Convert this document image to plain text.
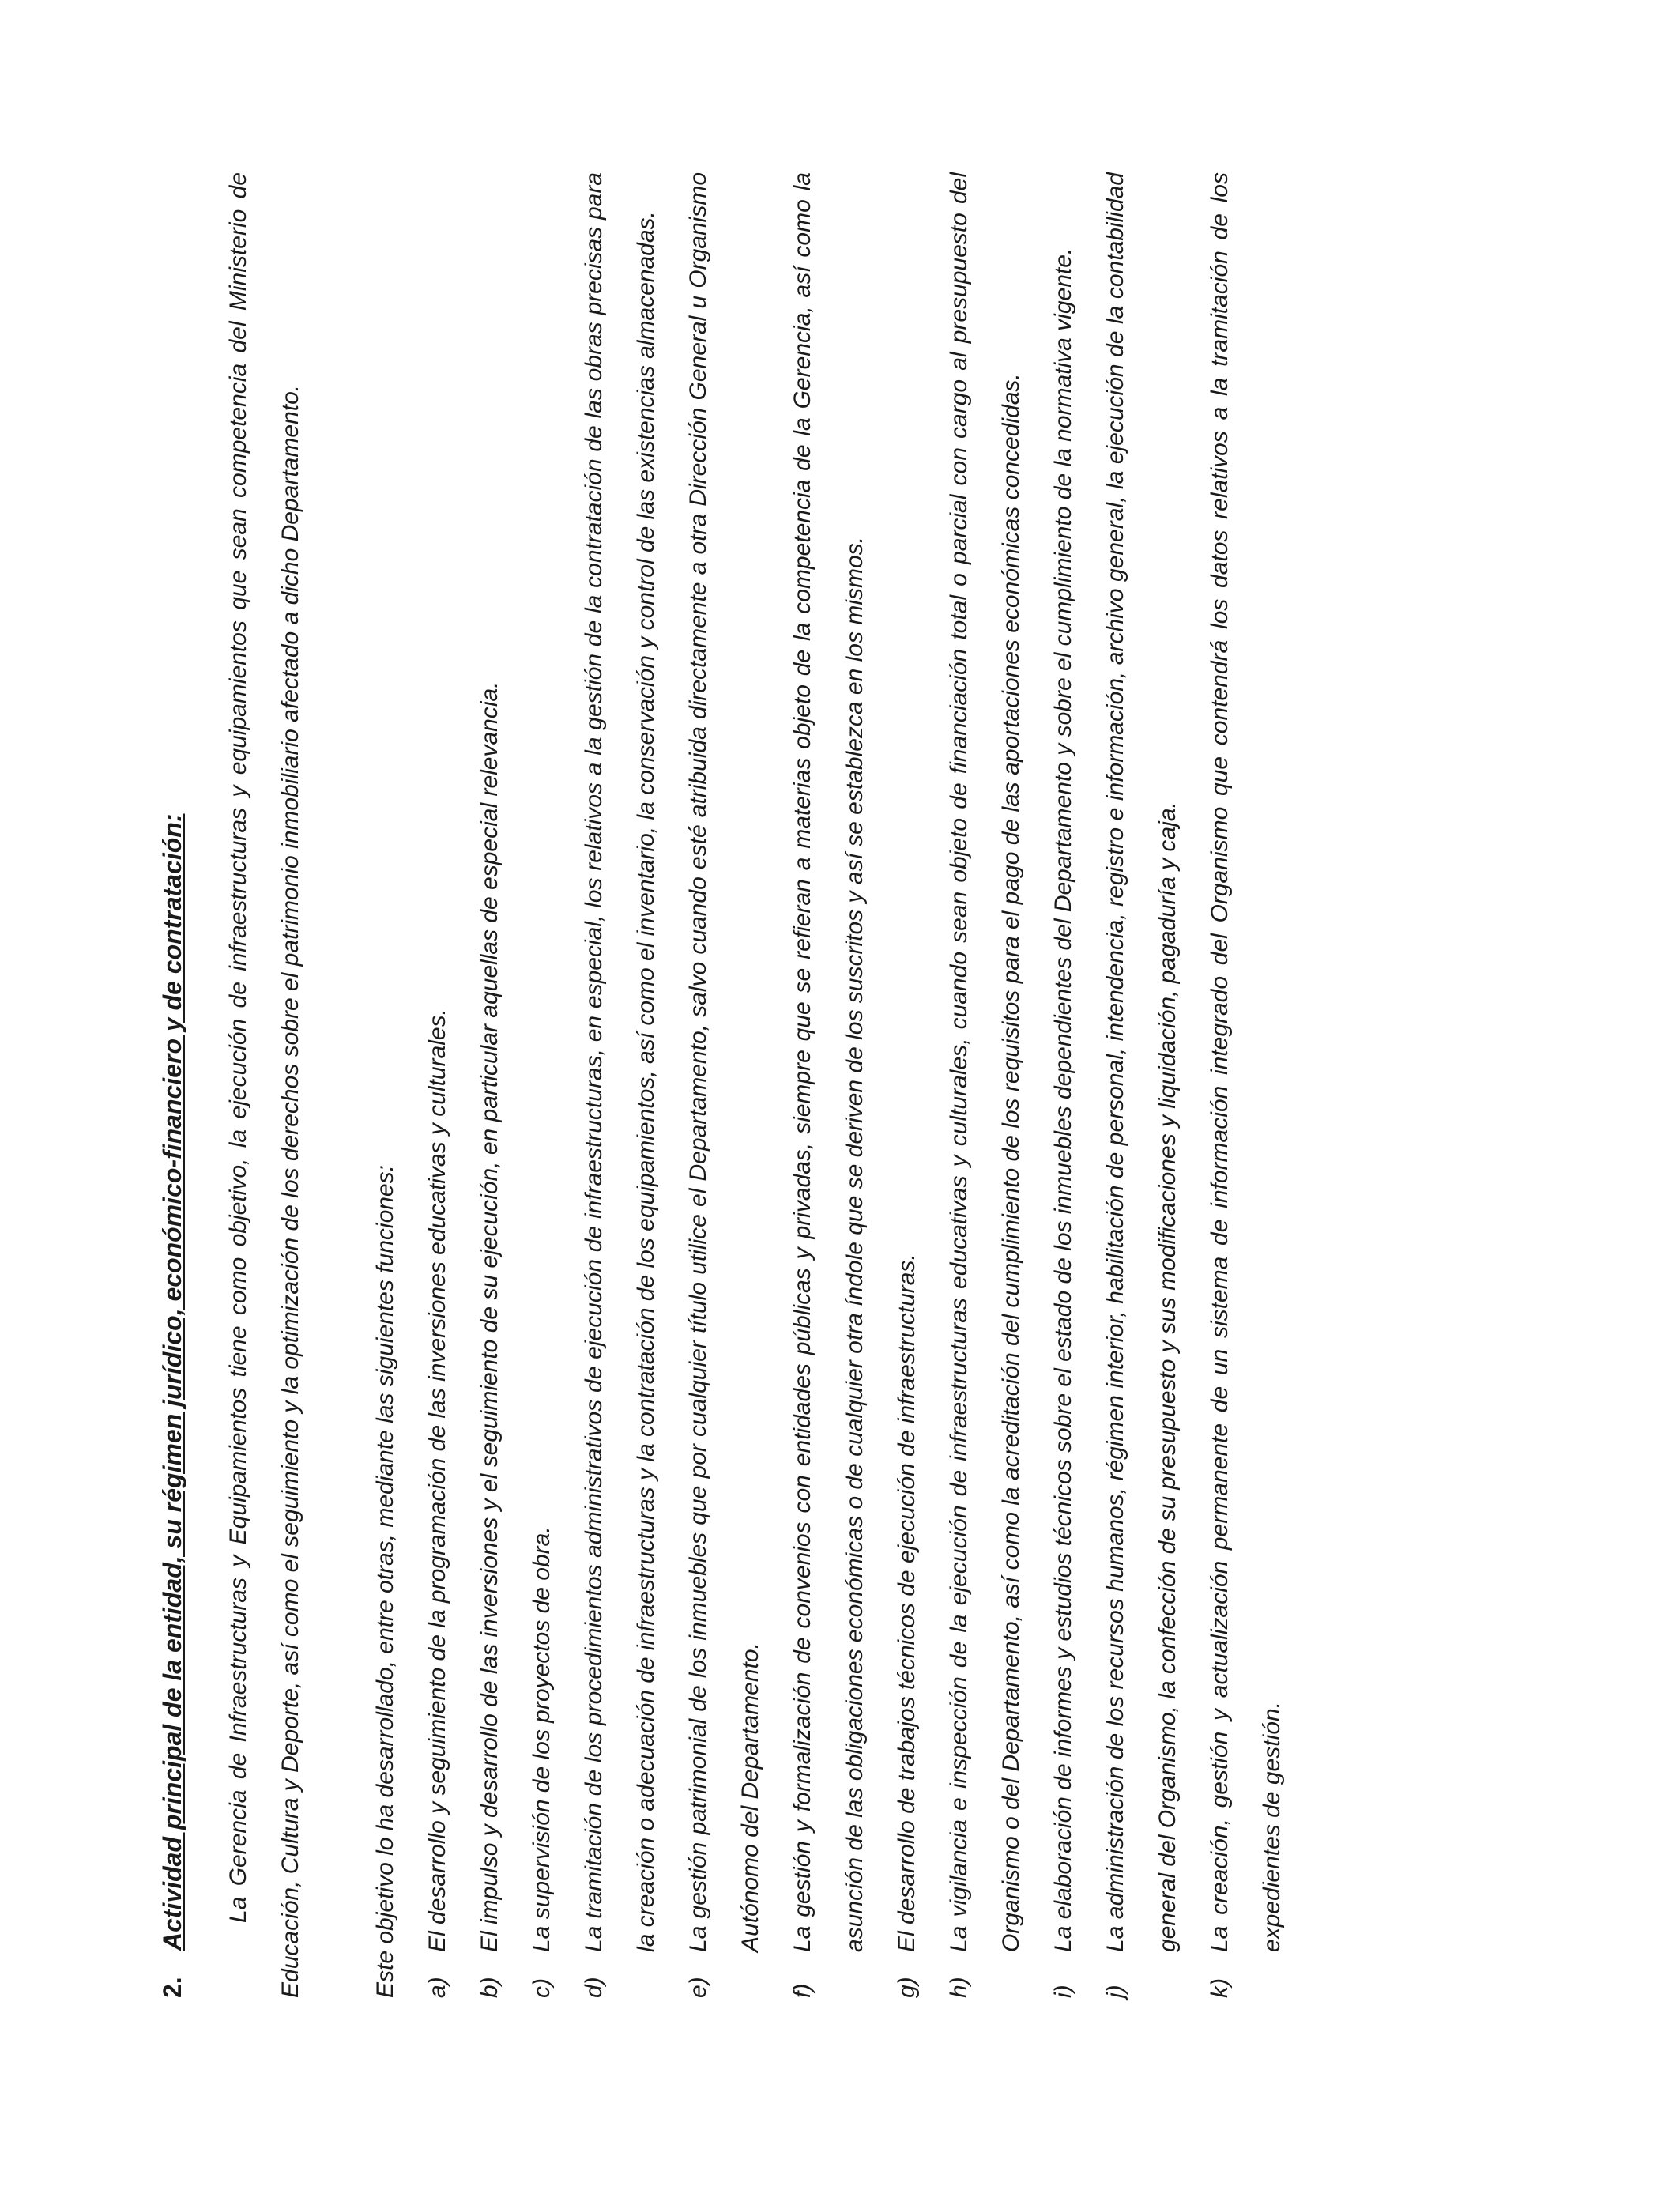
2.
Actividad principal de la entidad, su régimen jurídico, económico-financiero y de contratación:	La Gerencia de Infraestructuras y Equipamientos tiene como objetivo, la ejecución de infraestructuras y equipamientos que sean competencia del Ministerio de Educación, Cultura y Deporte, así como el seguimiento y la optimización de los derechos sobre el patrimonio inmobiliario afectado a dicho Departamento.	Este objetivo lo ha desarrollado, entre otras, mediante las siguientes funciones:	a)
El desarrollo y seguimiento de la programación de las inversiones educativas y culturales.
b)
El impulso y desarrollo de las inversiones y el seguimiento de su ejecución, en particular aquellas de especial relevancia.
c)
La supervisión de los proyectos de obra.
d)
La tramitación de los procedimientos administrativos de ejecución de infraestructuras, en especial, los relativos a la gestión de la contratación de las obras precisas para la creación o adecuación de infraestructuras y la contratación de los equipamientos, así como el inventario, la conservación y control de las existencias almacenadas.
e)
La gestión patrimonial de los inmuebles que por cualquier título utilice el Departamento, salvo cuando esté atribuida directamente a otra Dirección General u Organismo Autónomo del Departamento.
f)
La gestión y formalización de convenios con entidades públicas y privadas, siempre que se refieran a materias objeto de la competencia de la Gerencia, así como la asunción de las obligaciones económicas o de cualquier otra índole que se deriven de los suscritos y así se establezca en los mismos.
g)
El desarrollo de trabajos técnicos de ejecución de infraestructuras.
h)
La vigilancia e inspección de la ejecución de infraestructuras educativas y culturales, cuando sean objeto de financiación total o parcial con cargo al presupuesto del Organismo o del Departamento, así como la acreditación del cumplimiento de los requisitos para el pago de las aportaciones económicas concedidas.
i)
La elaboración de informes y estudios técnicos sobre el estado de los inmuebles dependientes del Departamento y sobre el cumplimiento de la normativa vigente.
j)
La administración de los recursos humanos, régimen interior, habilitación de personal, intendencia, registro e información, archivo general, la ejecución de la contabilidad general del Organismo, la confección de su presupuesto y sus modificaciones y liquidación, pagaduría y caja.
k)
La creación, gestión y actualización permanente de un sistema de información integrado del Organismo que contendrá los datos relativos a la tramitación de los expedientes de gestión.
